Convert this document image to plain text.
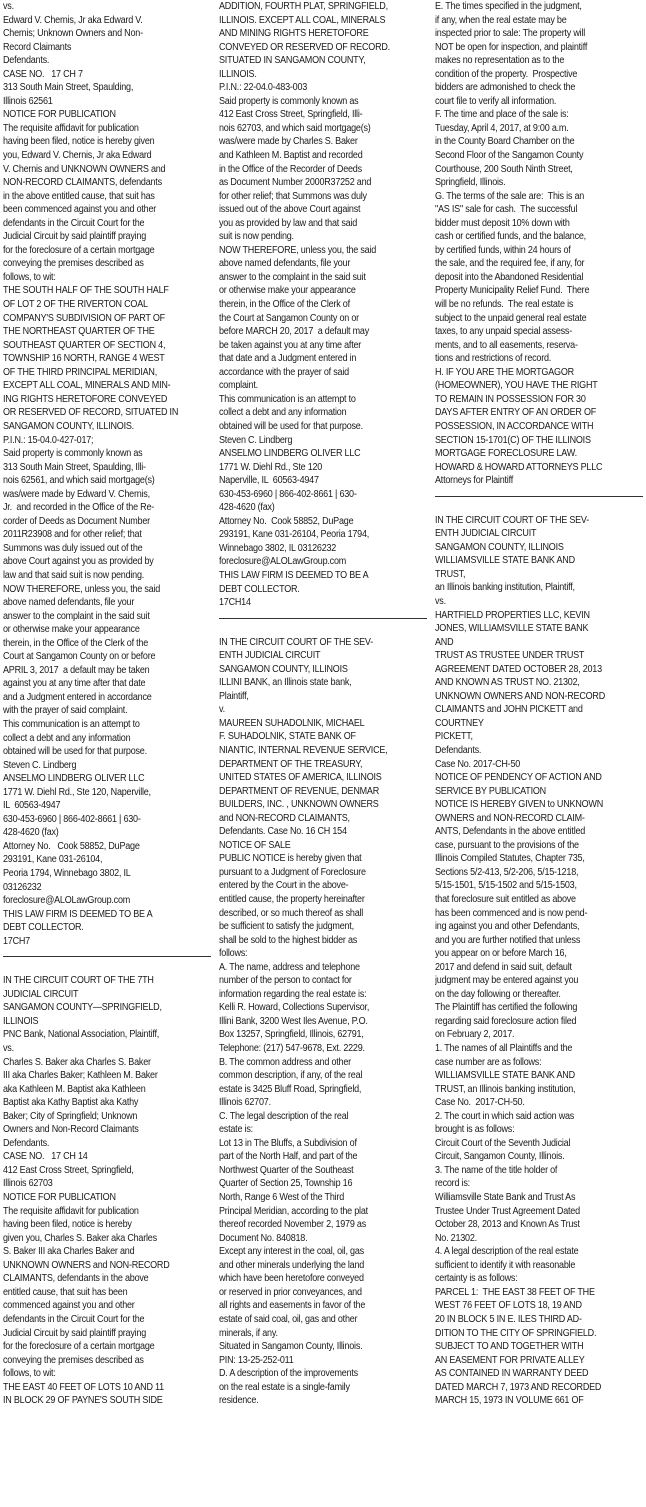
vs.
Edward V. Chernis, Jr aka Edward V.
Chernis; Unknown Owners and Non-
Record Claimants
Defendants.
CASE NO.   17 CH 7
313 South Main Street, Spaulding,
Illinois 62561
NOTICE FOR PUBLICATION
The requisite affidavit for publication
having been filed, notice is hereby given
you, Edward V. Chernis, Jr aka Edward
V. Chernis and UNKNOWN OWNERS and
NON-RECORD CLAIMANTS, defendants
in the above entitled cause, that suit has
been commenced against you and other
defendants in the Circuit Court for the
Judicial Circuit by said plaintiff praying
for the foreclosure of a certain mortgage
conveying the premises described as
follows, to wit:
THE SOUTH HALF OF THE SOUTH HALF
OF LOT 2 OF THE RIVERTON COAL
COMPANY'S SUBDIVISION OF PART OF
THE NORTHEAST QUARTER OF THE
SOUTHEAST QUARTER OF SECTION 4,
TOWNSHIP 16 NORTH, RANGE 4 WEST
OF THE THIRD PRINCIPAL MERIDIAN,
EXCEPT ALL COAL, MINERALS AND MIN-
ING RIGHTS HERETOFORE CONVEYED
OR RESERVED OF RECORD, SITUATED IN
SANGAMON COUNTY, ILLINOIS.
P.I.N.: 15-04.0-427-017;
Said property is commonly known as
313 South Main Street, Spaulding, Illi-
nois 62561, and which said mortgage(s)
was/were made by Edward V. Chernis,
Jr.  and recorded in the Office of the Re-
corder of Deeds as Document Number
2011R23908 and for other relief; that
Summons was duly issued out of the
above Court against you as provided by
law and that said suit is now pending.
NOW THEREFORE, unless you, the said
above named defendants, file your
answer to the complaint in the said suit
or otherwise make your appearance
therein, in the Office of the Clerk of the
Court at Sangamon County on or before
APRIL 3, 2017  a default may be taken
against you at any time after that date
and a Judgment entered in accordance
with the prayer of said complaint.
This communication is an attempt to
collect a debt and any information
obtained will be used for that purpose.
Steven C. Lindberg
ANSELMO LINDBERG OLIVER LLC
1771 W. Diehl Rd., Ste 120, Naperville,
IL  60563-4947
630-453-6960 | 866-402-8661 | 630-
428-4620 (fax)
Attorney No.   Cook 58852, DuPage
293191, Kane 031-26104,
Peoria 1794, Winnebago 3802, IL
03126232
foreclosure@ALOLawGroup.com
THIS LAW FIRM IS DEEMED TO BE A
DEBT COLLECTOR.
17CH7
IN THE CIRCUIT COURT OF THE 7TH
JUDICIAL CIRCUIT
SANGAMON COUNTY—SPRINGFIELD,
ILLINOIS
PNC Bank, National Association, Plaintiff,
vs.
Charles S. Baker aka Charles S. Baker
III aka Charles Baker; Kathleen M. Baker
aka Kathleen M. Baptist aka Kathleen
Baptist aka Kathy Baptist aka Kathy
Baker; City of Springfield; Unknown
Owners and Non-Record Claimants
Defendants.
CASE NO.   17 CH 14
412 East Cross Street, Springfield,
Illinois 62703
NOTICE FOR PUBLICATION
The requisite affidavit for publication
having been filed, notice is hereby
given you, Charles S. Baker aka Charles
S. Baker III aka Charles Baker and
UNKNOWN OWNERS and NON-RECORD
CLAIMANTS, defendants in the above
entitled cause, that suit has been
commenced against you and other
defendants in the Circuit Court for the
Judicial Circuit by said plaintiff praying
for the foreclosure of a certain mortgage
conveying the premises described as
follows, to wit:
THE EAST 40 FEET OF LOTS 10 AND 11
IN BLOCK 29 OF PAYNE'S SOUTH SIDE
ADDITION, FOURTH PLAT, SPRINGFIELD,
ILLINOIS. EXCEPT ALL COAL, MINERALS
AND MINING RIGHTS HERETOFORE
CONVEYED OR RESERVED OF RECORD.
SITUATED IN SANGAMON COUNTY,
ILLINOIS.
P.I.N.: 22-04.0-483-003
Said property is commonly known as
412 East Cross Street, Springfield, Illi-
nois 62703, and which said mortgage(s)
was/were made by Charles S. Baker
and Kathleen M. Baptist and recorded
in the Office of the Recorder of Deeds
as Document Number 2000R37252 and
for other relief; that Summons was duly
issued out of the above Court against
you as provided by law and that said
suit is now pending.
NOW THEREFORE, unless you, the said
above named defendants, file your
answer to the complaint in the said suit
or otherwise make your appearance
therein, in the Office of the Clerk of
the Court at Sangamon County on or
before MARCH 20, 2017  a default may
be taken against you at any time after
that date and a Judgment entered in
accordance with the prayer of said
complaint.
This communication is an attempt to
collect a debt and any information
obtained will be used for that purpose.
Steven C. Lindberg
ANSELMO LINDBERG OLIVER LLC
1771 W. Diehl Rd., Ste 120
Naperville, IL  60563-4947
630-453-6960 | 866-402-8661 | 630-
428-4620 (fax)
Attorney No.  Cook 58852, DuPage
293191, Kane 031-26104, Peoria 1794,
Winnebago 3802, IL 03126232
foreclosure@ALOLawGroup.com
THIS LAW FIRM IS DEEMED TO BE A
DEBT COLLECTOR.
17CH14
IN THE CIRCUIT COURT OF THE SEV-
ENTH JUDICIAL CIRCUIT
SANGAMON COUNTY, ILLINOIS
ILLINI BANK, an Illinois state bank,
Plaintiff,
v.
MAUREEN SUHADOLNIK, MICHAEL
F. SUHADOLNIK, STATE BANK OF
NIANTIC, INTERNAL REVENUE SERVICE,
DEPARTMENT OF THE TREASURY,
UNITED STATES OF AMERICA, ILLINOIS
DEPARTMENT OF REVENUE, DENMAR
BUILDERS, INC. , UNKNOWN OWNERS
and NON-RECORD CLAIMANTS,
Defendants. Case No. 16 CH 154
NOTICE OF SALE
PUBLIC NOTICE is hereby given that
pursuant to a Judgment of Foreclosure
entered by the Court in the above-
entitled cause, the property hereinafter
described, or so much thereof as shall
be sufficient to satisfy the judgment,
shall be sold to the highest bidder as
follows:
A. The name, address and telephone
number of the person to contact for
information regarding the real estate is:
Kelli R. Howard, Collections Supervisor,
Illini Bank, 3200 West Iles Avenue, P.O.
Box 13257, Springfield, Illinois, 62791,
Telephone: (217) 547-9678, Ext. 2229.
B. The common address and other
common description, if any, of the real
estate is 3425 Bluff Road, Springfield,
Illinois 62707.
C. The legal description of the real
estate is:
Lot 13 in The Bluffs, a Subdivision of
part of the North Half, and part of the
Northwest Quarter of the Southeast
Quarter of Section 25, Township 16
North, Range 6 West of the Third
Principal Meridian, according to the plat
thereof recorded November 2, 1979 as
Document No. 840818.
Except any interest in the coal, oil, gas
and other minerals underlying the land
which have been heretofore conveyed
or reserved in prior conveyances, and
all rights and easements in favor of the
estate of said coal, oil, gas and other
minerals, if any.
Situated in Sangamon County, Illinois.
PIN: 13-25-252-011
D. A description of the improvements
on the real estate is a single-family
residence.
E. The times specified in the judgment,
if any, when the real estate may be
inspected prior to sale: The property will
NOT be open for inspection, and plaintiff
makes no representation as to the
condition of the property.  Prospective
bidders are admonished to check the
court file to verify all information.
F. The time and place of the sale is:
Tuesday, April 4, 2017, at 9:00 a.m.
in the County Board Chamber on the
Second Floor of the Sangamon County
Courthouse, 200 South Ninth Street,
Springfield, Illinois.
G. The terms of the sale are:  This is an
"AS IS" sale for cash.  The successful
bidder must deposit 10% down with
cash or certified funds, and the balance,
by certified funds, within 24 hours of
the sale, and the required fee, if any, for
deposit into the Abandoned Residential
Property Municipality Relief Fund.  There
will be no refunds.  The real estate is
subject to the unpaid general real estate
taxes, to any unpaid special assess-
ments, and to all easements, reserva-
tions and restrictions of record.
H. IF YOU ARE THE MORTGAGOR
(HOMEOWNER), YOU HAVE THE RIGHT
TO REMAIN IN POSSESSION FOR 30
DAYS AFTER ENTRY OF AN ORDER OF
POSSESSION, IN ACCORDANCE WITH
SECTION 15-1701(C) OF THE ILLINOIS
MORTGAGE FORECLOSURE LAW.
HOWARD & HOWARD ATTORNEYS PLLC
Attorneys for Plaintiff
IN THE CIRCUIT COURT OF THE SEV-
ENTH JUDICIAL CIRCUIT
SANGAMON COUNTY, ILLINOIS
WILLIAMSVILLE STATE BANK AND
TRUST,
an Illinois banking institution, Plaintiff,
vs.
HARTFIELD PROPERTIES LLC, KEVIN
JONES, WILLIAMSVILLE STATE BANK
AND
TRUST AS TRUSTEE UNDER TRUST
AGREEMENT DATED OCTOBER 28, 2013
AND KNOWN AS TRUST NO. 21302,
UNKNOWN OWNERS AND NON-RECORD
CLAIMANTS and JOHN PICKETT and
COURTNEY
PICKETT,
Defendants.
Case No. 2017-CH-50
NOTICE OF PENDENCY OF ACTION AND
SERVICE BY PUBLICATION
NOTICE IS HEREBY GIVEN to UNKNOWN
OWNERS and NON-RECORD CLAIM-
ANTS, Defendants in the above entitled
case, pursuant to the provisions of the
Illinois Compiled Statutes, Chapter 735,
Sections 5/2-413, 5/2-206, 5/15-1218,
5/15-1501, 5/15-1502 and 5/15-1503,
that foreclosure suit entitled as above
has been commenced and is now pend-
ing against you and other Defendants,
and you are further notified that unless
you appear on or before March 16,
2017 and defend in said suit, default
judgment may be entered against you
on the day following or thereafter.
The Plaintiff has certified the following
regarding said foreclosure action filed
on February 2, 2017.
1. The names of all Plaintiffs and the
case number are as follows:
WILLIAMSVILLE STATE BANK AND
TRUST, an Illinois banking institution,
Case No.  2017-CH-50.
2. The court in which said action was
brought is as follows:
Circuit Court of the Seventh Judicial
Circuit, Sangamon County, Illinois.
3. The name of the title holder of
record is:
Williamsville State Bank and Trust As
Trustee Under Trust Agreement Dated
October 28, 2013 and Known As Trust
No. 21302.
4. A legal description of the real estate
sufficient to identify it with reasonable
certainty is as follows:
PARCEL 1:  THE EAST 38 FEET OF THE
WEST 76 FEET OF LOTS 18, 19 AND
20 IN BLOCK 5 IN E. ILES THIRD AD-
DITION TO THE CITY OF SPRINGFIELD.
SUBJECT TO AND TOGETHER WITH
AN EASEMENT FOR PRIVATE ALLEY
AS CONTAINED IN WARRANTY DEED
DATED MARCH 7, 1973 AND RECORDED
MARCH 15, 1973 IN VOLUME 661 OF
